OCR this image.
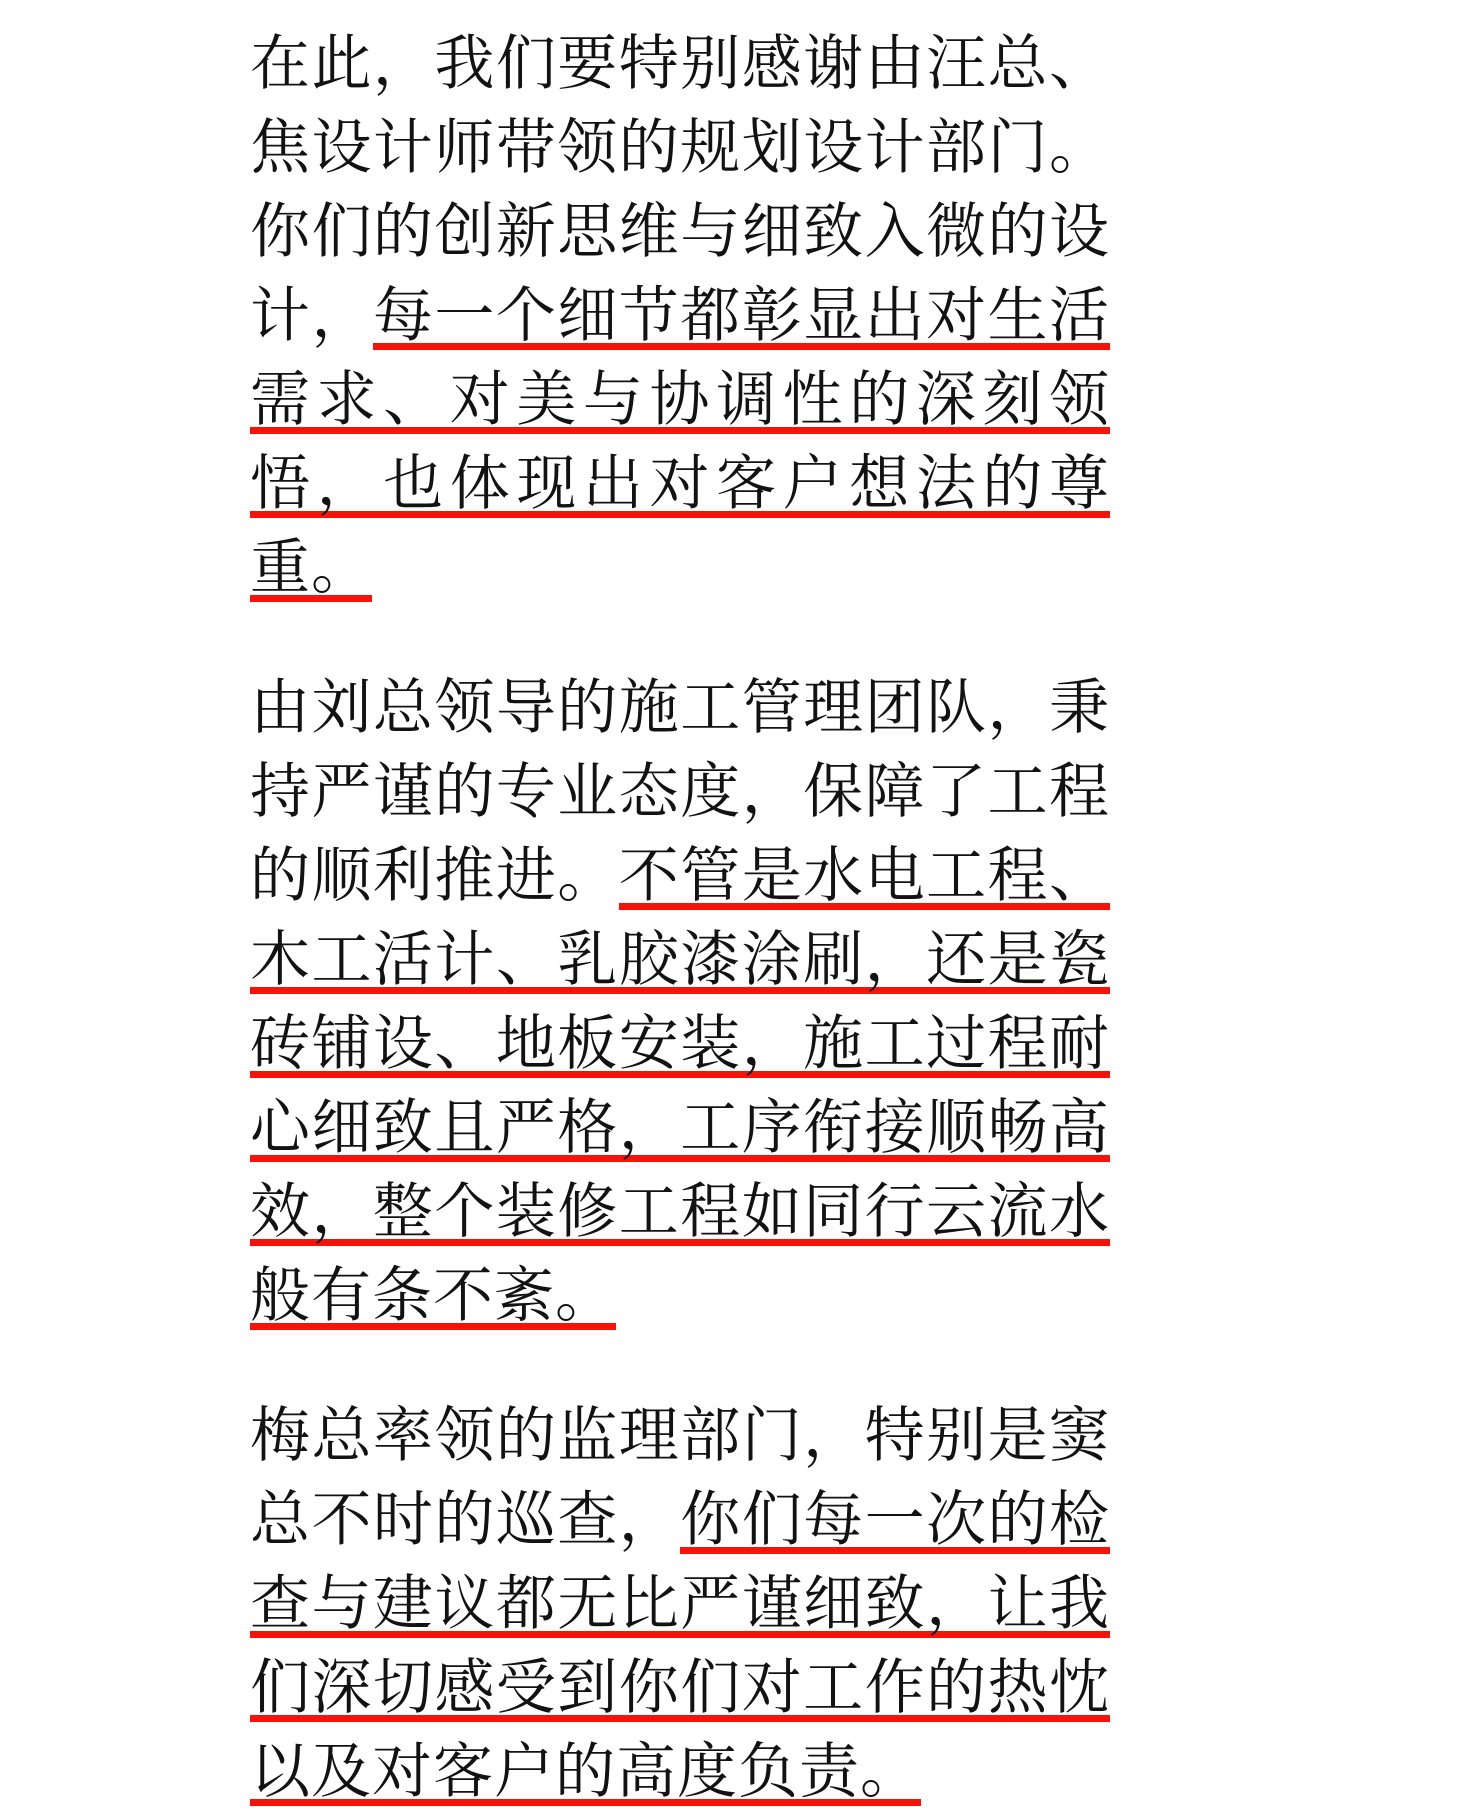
在此，我们要特别感谢由汪总、焦设计师带领的规划设计部门。你们的创新思维与细致入微的设计，每一个细节都彰显出对生活需求、对美与协调性的深刻领悟，也体现出对客户想法的尊重。

由刘总领导的施工管理团队，秉持严谨的专业态度，保障了工程的顺利推进。不管是水电工程、木工活计、乳胶漆涂刷，还是瓷砖铺设、地板安装，施工过程耐心细致且严格，工序衔接顺畅高效，整个装修工程如同行云流水般有条不紊。

梅总率领的监理部门，特别是窦总不时的巡查，你们每一次的检查与建议都无比严谨细致，让我们深切感受到你们对工作的热忱以及对客户的高度负责。
